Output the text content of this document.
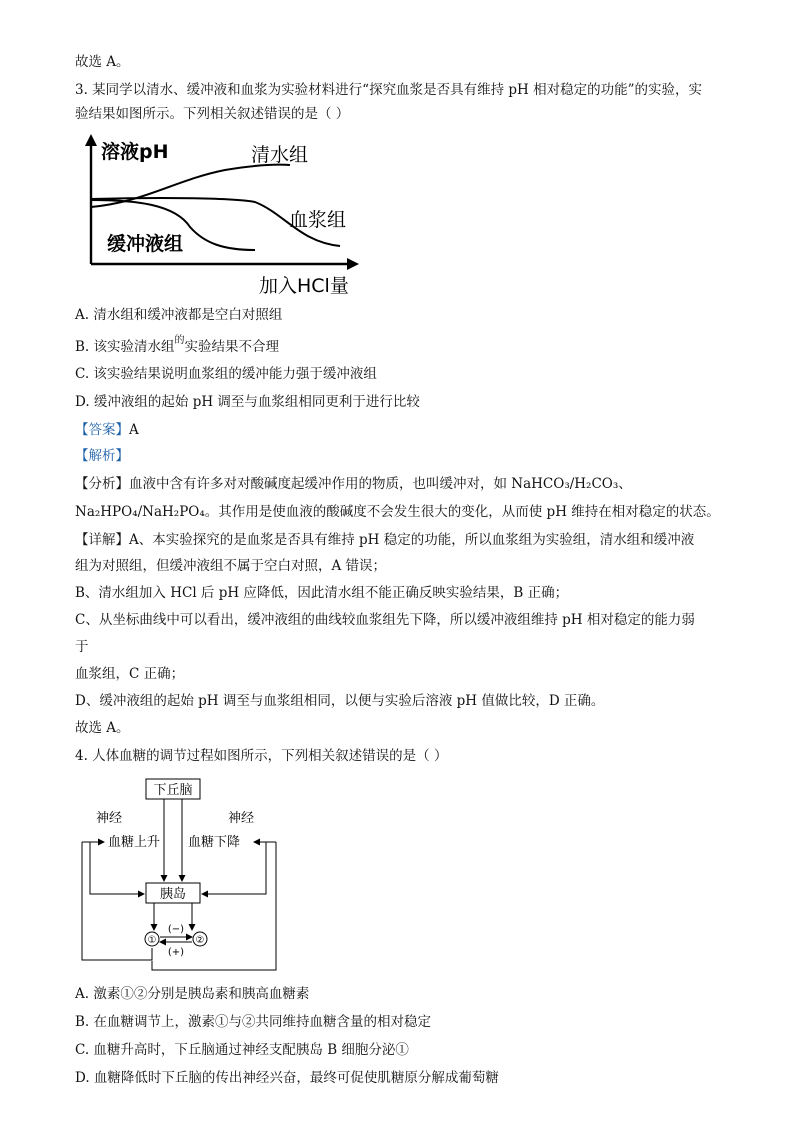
故选 A。
3. 某同学以清水、缓冲液和血浆为实验材料进行“探究血浆是否具有维持 pH 相对稳定的功能”的实验，实
验结果如图所示。下列相关叙述错误的是（ ）
溶液pH	清水组
血浆组
缓冲液组
加入HCl量
A. 清水组和缓冲液都是空白对照组
B. 该实验清水组$^的$实验结果不合理
C. 该实验结果说明血浆组的缓冲能力强于缓冲液组
D. 缓冲液组的起始 pH 调至与血浆组相同更利于进行比较
【答案】A
【解析】
【分析】血液中含有许多对对酸碱度起缓冲作用的物质，也叫缓冲对，如 NaHCO₃/H₂CO₃、
Na₂HPO₄/NaH₂PO₄。其作用是使血液的酸碱度不会发生很大的变化，从而使 pH 维持在相对稳定的状态。
【详解】A、本实验探究的是血浆是否具有维持 pH 稳定的功能，所以血浆组为实验组，清水组和缓冲液
组为对照组，但缓冲液组不属于空白对照，A 错误；
B、清水组加入 HCl 后 pH 应降低，因此清水组不能正确反映实验结果，B 正确；
C、从坐标曲线中可以看出，缓冲液组的曲线较血浆组先下降，所以缓冲液组维持 pH 相对稳定的能力弱
于
血浆组，C 正确；
D、缓冲液组的起始 pH 调至与血浆组相同，以便与实验后溶液 pH 值做比较，D 正确。
故选 A。
4. 人体血糖的调节过程如图所示，下列相关叙述错误的是（ ）
下丘脑
胰岛
神经	神经
血糖上升 血糖下降
①	②
(−)
(+)
A. 激素①②分别是胰岛素和胰高血糖素
B. 在血糖调节上，激素①与②共同维持血糖含量的相对稳定
C. 血糖升高时，下丘脑通过神经支配胰岛 B 细胞分泌①
D. 血糖降低时下丘脑的传出神经兴奋，最终可促使肌糖原分解成葡萄糖
